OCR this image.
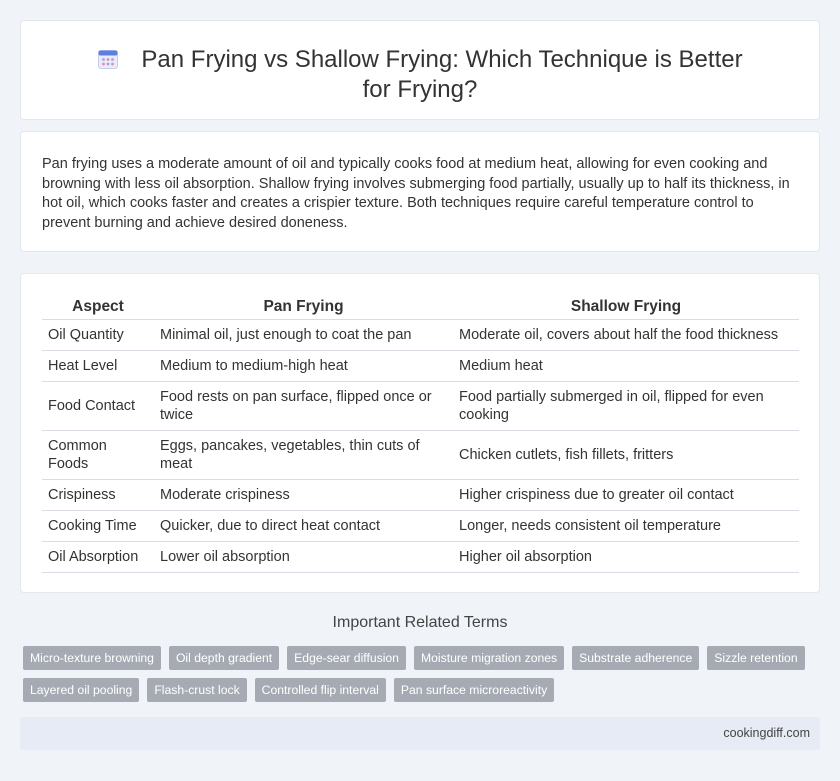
Pan Frying vs Shallow Frying: Which Technique is Better for Frying?

Pan frying uses a moderate amount of oil and typically cooks food at medium heat, allowing for even cooking and browning with less oil absorption. Shallow frying involves submerging food partially, usually up to half its thickness, in hot oil, which cooks faster and creates a crispier texture. Both techniques require careful temperature control to prevent burning and achieve desired doneness.

Aspect	Pan Frying	Shallow Frying
Oil Quantity	Minimal oil, just enough to coat the pan	Moderate oil, covers about half the food thickness
Heat Level	Medium to medium-high heat	Medium heat
Food Contact	Food rests on pan surface, flipped once or twice	Food partially submerged in oil, flipped for even cooking
Common Foods	Eggs, pancakes, vegetables, thin cuts of meat	Chicken cutlets, fish fillets, fritters
Crispiness	Moderate crispiness	Higher crispiness due to greater oil contact
Cooking Time	Quicker, due to direct heat contact	Longer, needs consistent oil temperature
Oil Absorption	Lower oil absorption	Higher oil absorption
Important Related Terms
Micro-texture browning	Oil depth gradient	Edge-sear diffusion	Moisture migration zones	Substrate adherence	Sizzle retention
Layered oil pooling	Flash-crust lock	Controlled flip interval	Pan surface microreactivity
cookingdiff.com
